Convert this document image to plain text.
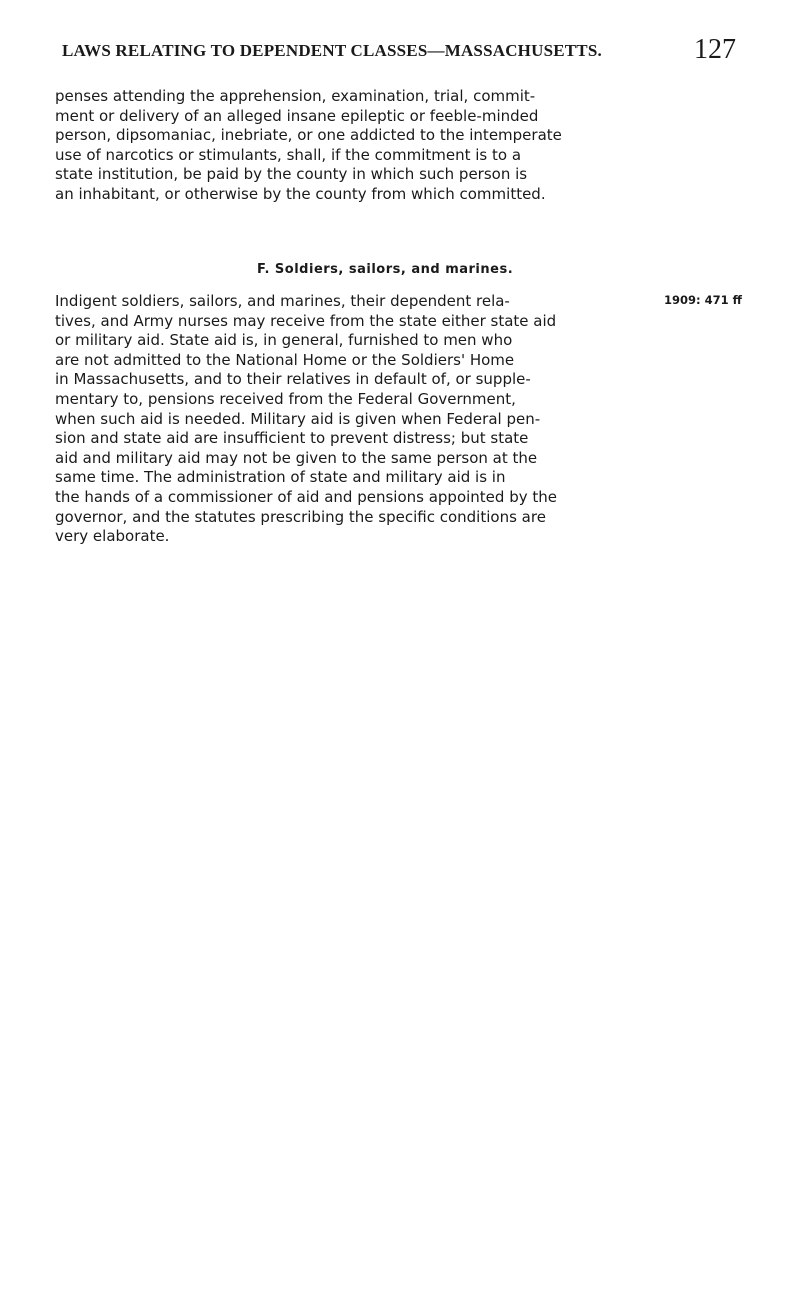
LAWS RELATING TO DEPENDENT CLASSES—MASSACHUSETTS.	127

penses attending the apprehension, examination, trial, commit-
ment or delivery of an alleged insane epileptic or feeble-minded
person, dipsomaniac, inebriate, or one addicted to the intemperate
use of narcotics or stimulants, shall, if the commitment is to a
state institution, be paid by the county in which such person is
an inhabitant, or otherwise by the county from which committed.

F. Soldiers, sailors, and marines.
1909: 471 ff

Indigent soldiers, sailors, and marines, their dependent rela-
tives, and Army nurses may receive from the state either state aid
or military aid. State aid is, in general, furnished to men who
are not admitted to the National Home or the Soldiers' Home
in Massachusetts, and to their relatives in default of, or supple-
mentary to, pensions received from the Federal Government,
when such aid is needed. Military aid is given when Federal pen-
sion and state aid are insufficient to prevent distress; but state
aid and military aid may not be given to the same person at the
same time. The administration of state and military aid is in
the hands of a commissioner of aid and pensions appointed by the
governor, and the statutes prescribing the specific conditions are
very elaborate.
